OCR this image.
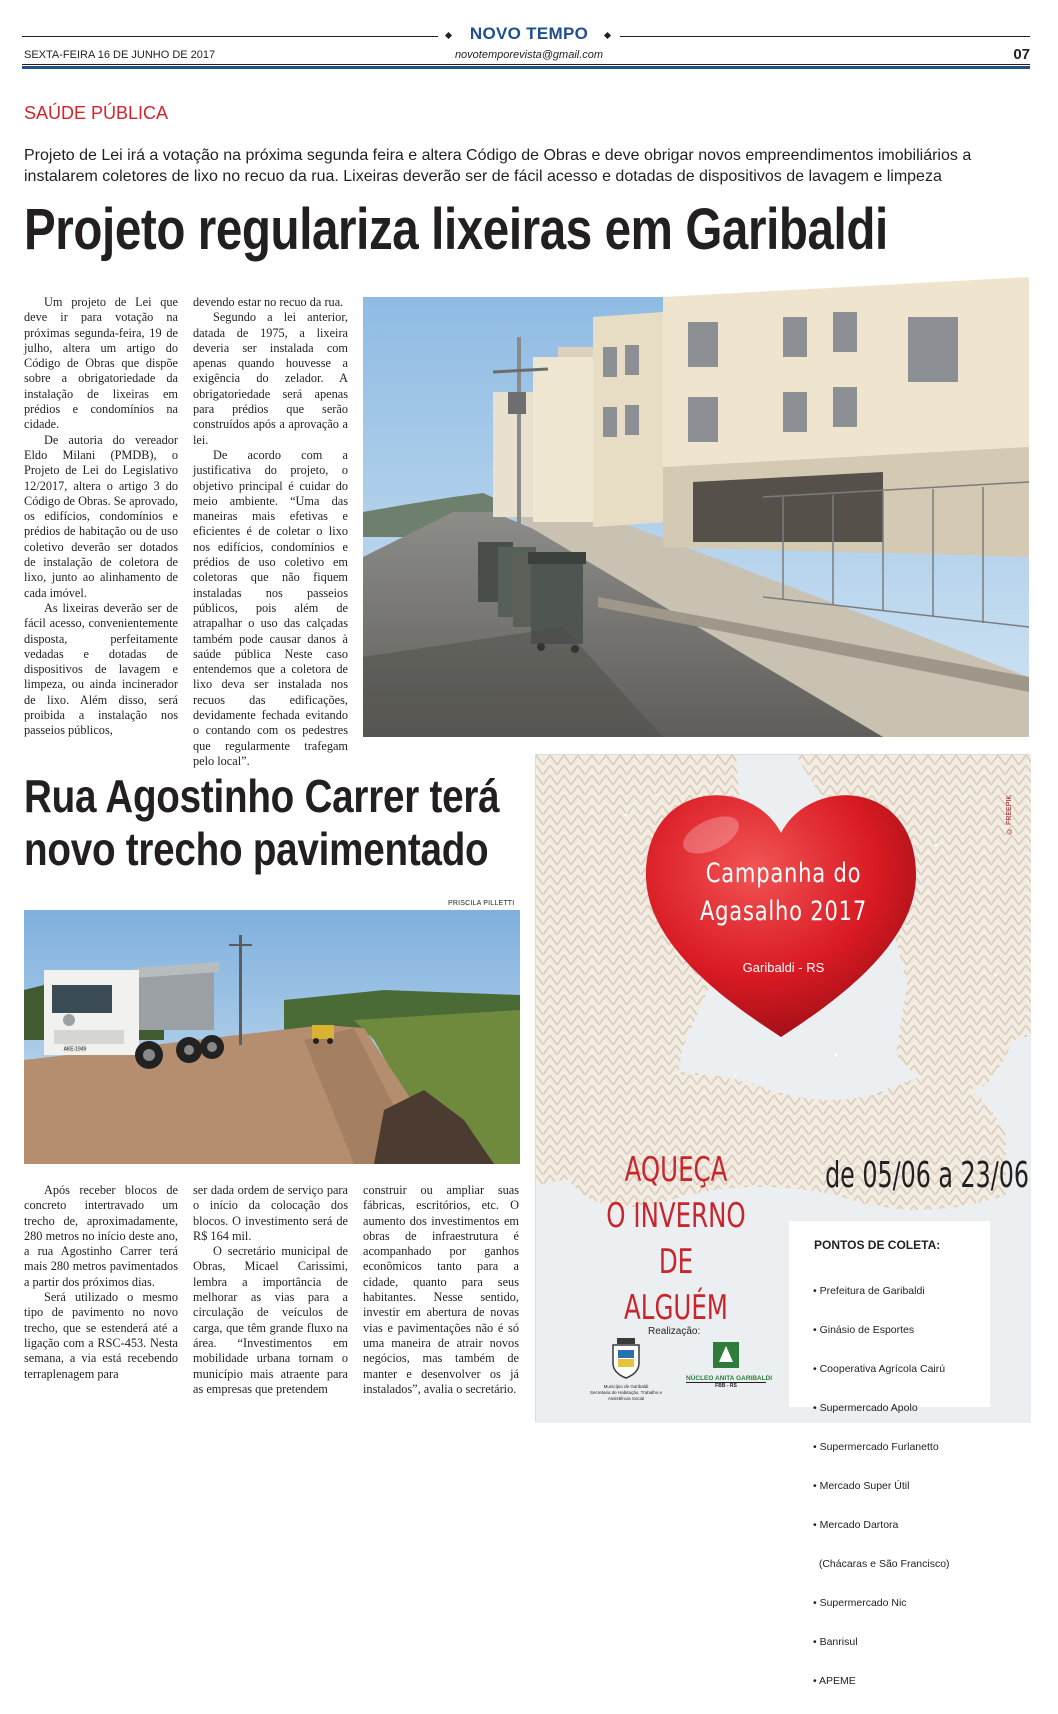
NOVO TEMPO
SEXTA-FEIRA 16 DE JUNHO DE 2017	novotemporevista@gmail.com	07
SAÚDE PÚBLICA
Projeto de Lei irá a votação na próxima segunda feira e altera Código de Obras e deve obrigar novos empreendimentos imobiliários a instalarem coletores de lixo no recuo da rua. Lixeiras deverão ser de fácil acesso e dotadas de dispositivos de lavagem e limpeza
Projeto regulariza lixeiras em Garibaldi

Um projeto de Lei que deve ir para votação na próximas segunda-feira, 19 de julho, altera um artigo do Código de Obras que dispõe sobre a obrigatoriedade da instalação de lixeiras em prédios e condomínios na cidade.

De autoria do vereador Eldo Milani (PMDB), o Projeto de Lei do Legislativo 12/2017, altera o artigo 3 do Código de Obras. Se aprovado, os edifícios, condomínios e prédios de habitação ou de uso coletivo deverão ser dotados de instalação de coletora de lixo, junto ao alinhamento de cada imóvel.

As lixeiras deverão ser de fácil acesso, convenientemente disposta, perfeitamente vedadas e dotadas de dispositivos de lavagem e limpeza, ou ainda incinerador de lixo. Além disso, será proibida a instalação nos passeios públicos,

devendo estar no recuo da rua.

Segundo a lei anterior, datada de 1975, a lixeira deveria ser instalada com apenas quando houvesse a exigência do zelador. A obrigatoriedade será apenas para prédios que serão construídos após a aprovação a lei.

De acordo com a justificativa do projeto, o objetivo principal é cuidar do meio ambiente. “Uma das maneiras mais efetivas e eficientes é de coletar o lixo nos edifícios, condomínios e prédios de uso coletivo em coletoras que não fiquem instaladas nos passeios públicos, pois além de atrapalhar o uso das calçadas também pode causar danos à saúde pública Neste caso entendemos que a coletora de lixo deva ser instalada nos recuos das edificações, devidamente fechada evitando o contando com os pedestres que regularmente trafegam pelo local”.

Rua Agostinho Carrer terá
novo trecho pavimentado
PRISCILA PILLETTI
AKE-1949

Após receber blocos de concreto intertravado um trecho de, aproximadamente, 280 metros no início deste ano, a rua Agostinho Carrer terá mais 280 metros pavimentados a partir dos próximos dias.

Será utilizado o mesmo tipo de pavimento no novo trecho, que se estenderá até a ligação com a RSC-453. Nesta semana, a via está recebendo terraplenagem para

ser dada ordem de serviço para o início da colocação dos blocos. O investimento será de R$ 164 mil.

O secretário municipal de Obras, Micael Carissimi, lembra a importância de melhorar as vias para a circulação de veículos de carga, que têm grande fluxo na área. “Investimentos em mobilidade urbana tornam o município mais atraente para as empresas que pretendem

construir ou ampliar suas fábricas, escritórios, etc. O aumento dos investimentos em obras de infraestrutura é acompanhado por ganhos econômicos tanto para a cidade, quanto para seus habitantes. Nesse sentido, investir em abertura de novas vias e pavimentações não é só uma maneira de atrair novos negócios, mas também de manter e desenvolver os já instalados”, avalia o secretário.

Campanha do
Agasalho 2017
Garibaldi - RS
© FREEPIK
AQUEÇA
O INVERNO
DE ALGUÉM
de 05/06 a 23/06
Realização:
Município de Garibaldi
Secretaria de Habitação, Trabalho e
Assistência Social
NÚCLEO ANITA GARIBALDI
FBB - RS
PONTOS DE COLETA:

• Prefeitura de Garibaldi

• Ginásio de Esportes

• Cooperativa Agrícola Cairú

• Supermercado Apolo

• Supermercado Furlanetto

• Mercado Super Útil

• Mercado Dartora

(Chácaras e São Francisco)

• Supermercado Nic

• Banrisul

• APEME
